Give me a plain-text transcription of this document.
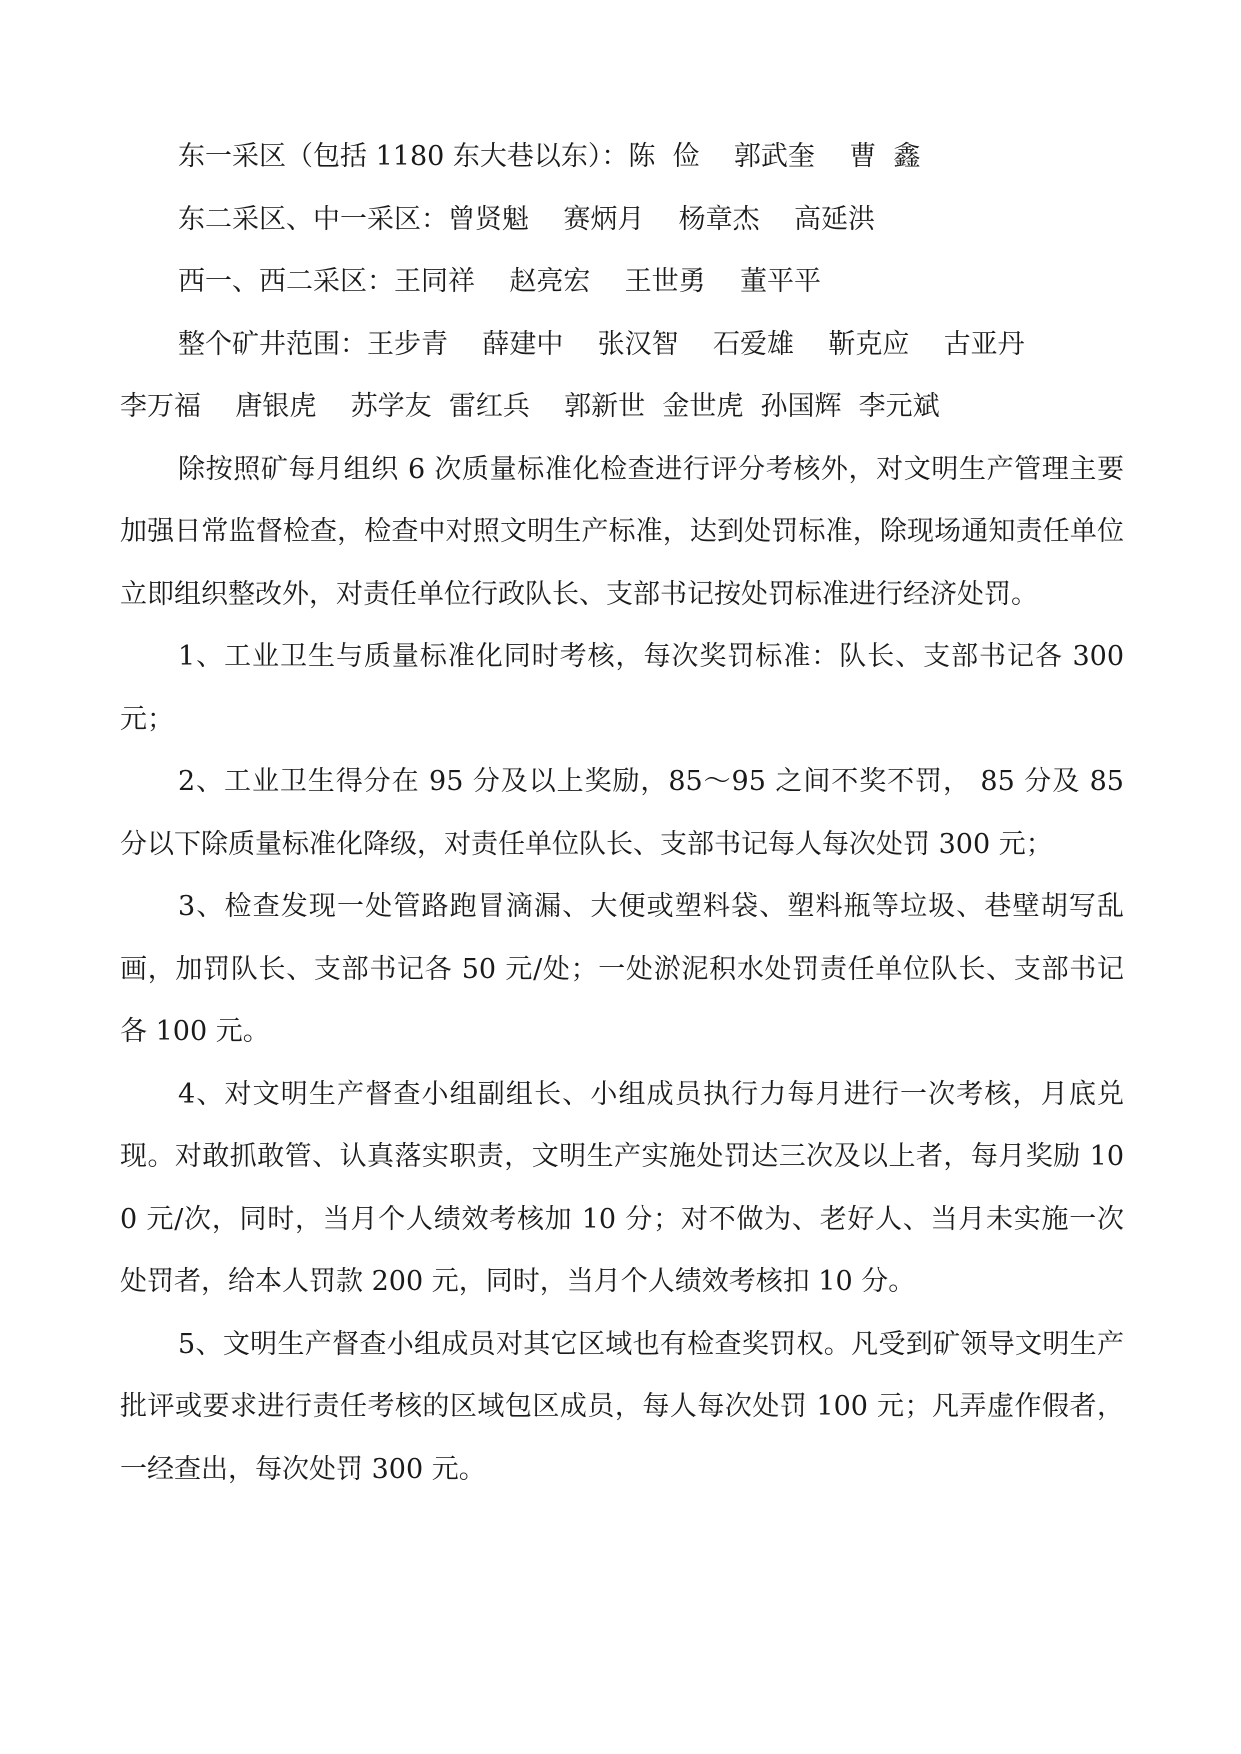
东一采区（包括 1180 东大巷以东）：陈  俭    郭武奎    曹  鑫

东二采区、中一采区：曾贤魁    赛炳月    杨章杰    高延洪

西一、西二采区：王同祥    赵亮宏    王世勇    董平平

整个矿井范围：王步青    薛建中    张汉智    石爱雄    靳克应    古亚丹
李万福    唐银虎    苏学友  雷红兵    郭新世  金世虎  孙国辉  李元斌

除按照矿每月组织 6 次质量标准化检查进行评分考核外，对文明生产管理主要加强日常监督检查，检查中对照文明生产标准，达到处罚标准，除现场通知责任单位立即组织整改外，对责任单位行政队长、支部书记按处罚标准进行经济处罚。

1、工业卫生与质量标准化同时考核，每次奖罚标准：队长、支部书记各 300 元；

2、工业卫生得分在 95 分及以上奖励，85～95 之间不奖不罚， 85 分及 85 分以下除质量标准化降级，对责任单位队长、支部书记每人每次处罚 300 元；

3、检查发现一处管路跑冒滴漏、大便或塑料袋、塑料瓶等垃圾、巷壁胡写乱画，加罚队长、支部书记各 50 元/处；一处淤泥积水处罚责任单位队长、支部书记各 100 元。

4、对文明生产督查小组副组长、小组成员执行力每月进行一次考核，月底兑现。对敢抓敢管、认真落实职责，文明生产实施处罚达三次及以上者，每月奖励 100 元/次，同时，当月个人绩效考核加 10 分；对不做为、老好人、当月未实施一次处罚者，给本人罚款 200 元，同时，当月个人绩效考核扣 10 分。

5、文明生产督查小组成员对其它区域也有检查奖罚权。凡受到矿领导文明生产批评或要求进行责任考核的区域包区成员，每人每次处罚 100 元；凡弄虚作假者，一经查出，每次处罚 300 元。
